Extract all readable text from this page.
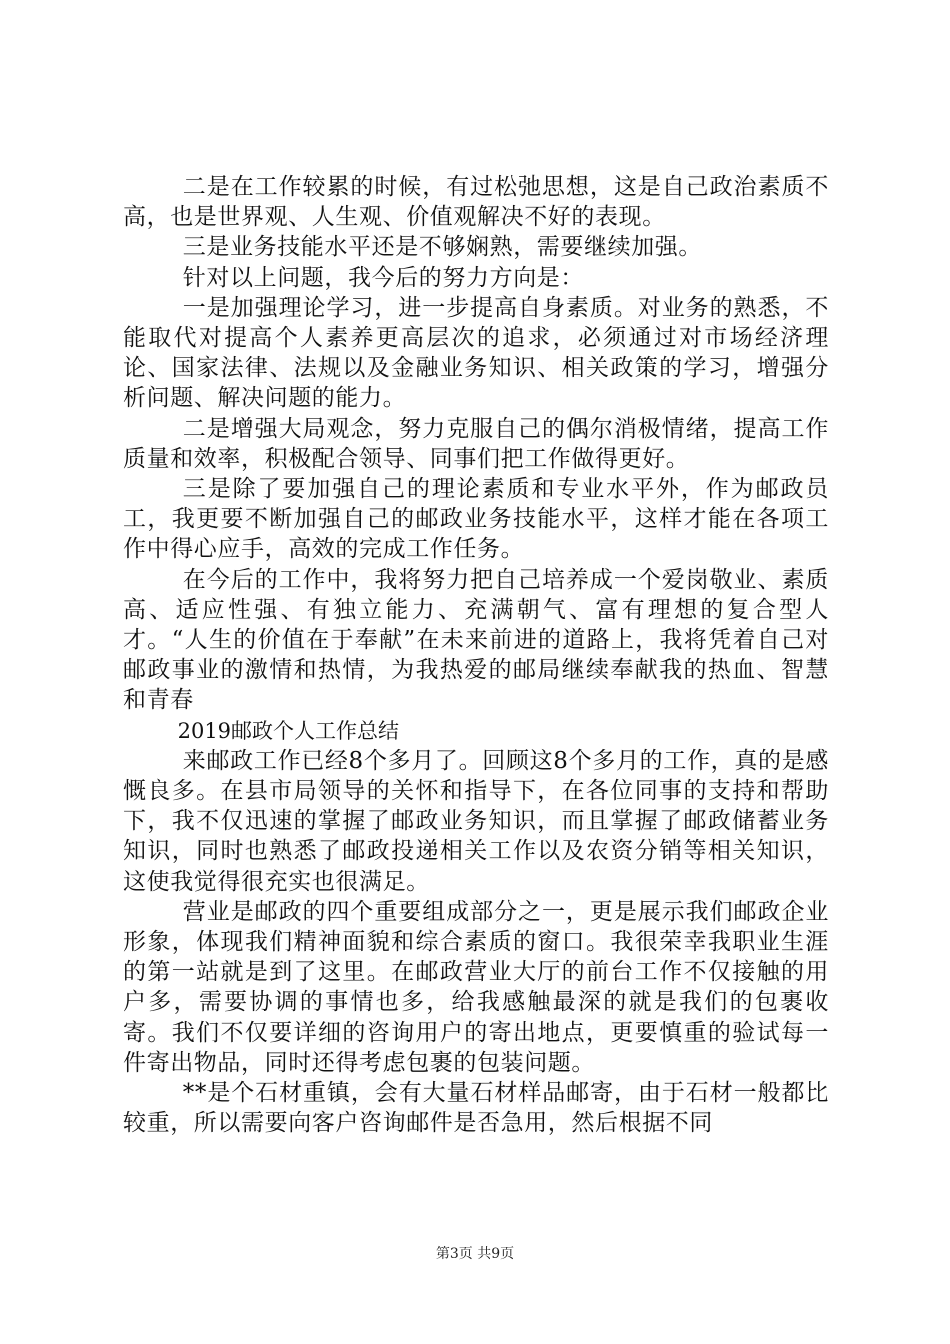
二是在工作较累的时候，有过松弛思想，这是自己政治素质不高，也是世界观、人生观、价值观解决不好的表现。

三是业务技能水平还是不够娴熟，需要继续加强。

针对以上问题，我今后的努力方向是：

一是加强理论学习，进一步提高自身素质。对业务的熟悉，不能取代对提高个人素养更高层次的追求，必须通过对市场经济理论、国家法律、法规以及金融业务知识、相关政策的学习，增强分析问题、解决问题的能力。

二是增强大局观念，努力克服自己的偶尔消极情绪，提高工作质量和效率，积极配合领导、同事们把工作做得更好。

三是除了要加强自己的理论素质和专业水平外，作为邮政员工，我更要不断加强自己的邮政业务技能水平，这样才能在各项工作中得心应手，高效的完成工作任务。

在今后的工作中，我将努力把自己培养成一个爱岗敬业、素质高、适应性强、有独立能力、充满朝气、富有理想的复合型人才。“人生的价值在于奉献”在未来前进的道路上，我将凭着自己对邮政事业的激情和热情，为我热爱的邮局继续奉献我的热血、智慧和青春

2019邮政个人工作总结

来邮政工作已经8个多月了。回顾这8个多月的工作，真的是感慨良多。在县市局领导的关怀和指导下，在各位同事的支持和帮助下，我不仅迅速的掌握了邮政业务知识，而且掌握了邮政储蓄业务知识，同时也熟悉了邮政投递相关工作以及农资分销等相关知识，这使我觉得很充实也很满足。

营业是邮政的四个重要组成部分之一，更是展示我们邮政企业形象，体现我们精神面貌和综合素质的窗口。我很荣幸我职业生涯的第一站就是到了这里。在邮政营业大厅的前台工作不仅接触的用户多，需要协调的事情也多，给我感触最深的就是我们的包裹收寄。我们不仅要详细的咨询用户的寄出地点，更要慎重的验试每一件寄出物品，同时还得考虑包裹的包装问题。

**是个石材重镇，会有大量石材样品邮寄，由于石材一般都比较重，所以需要向客户咨询邮件是否急用，然后根据不同

第3页 共9页
